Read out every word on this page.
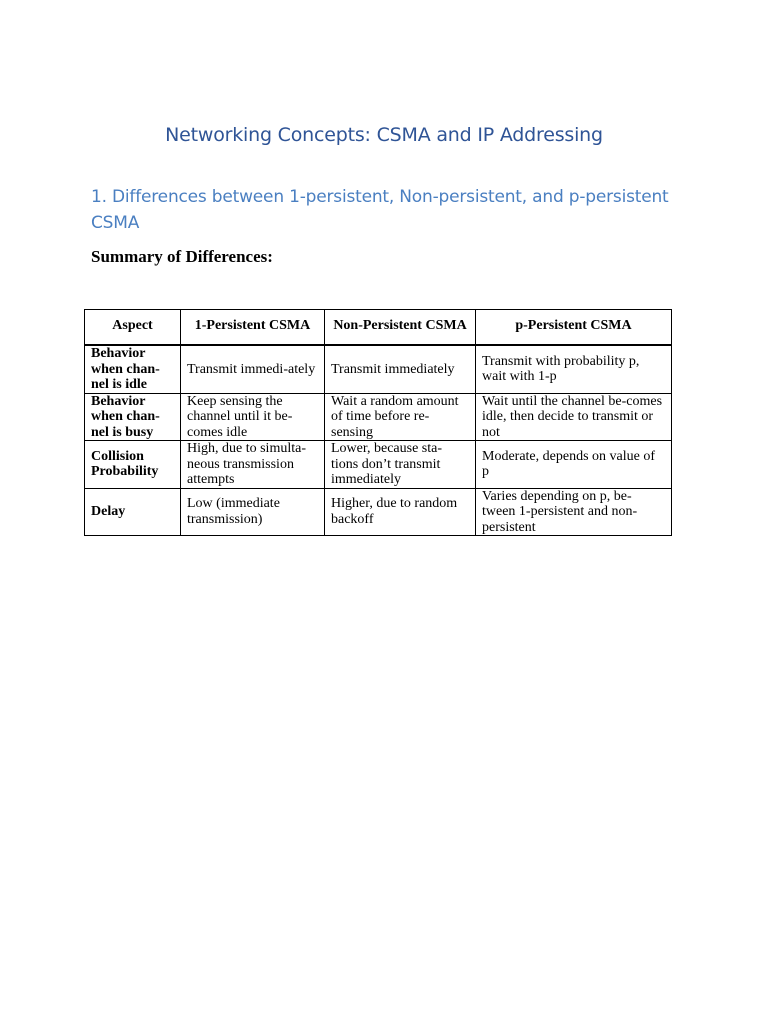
Networking Concepts: CSMA and IP Addressing
1. Differences between 1-persistent, Non-persistent, and p-persistent CSMA
Summary of Differences:
Aspect	1-Persistent CSMA	Non-Persistent CSMA	p-Persistent CSMA
Behavior when chan-nel is idle	Transmit immedi-ately	Transmit immediately	Transmit with probability p, wait with 1-p
Behavior when chan-nel is busy	Keep sensing the channel until it be-comes idle	Wait a random amount of time before re-sensing	Wait until the channel be-comes idle, then decide to transmit or not
Collision Probability	High, due to simulta-neous transmission attempts	Lower, because sta-tions don’t transmit immediately	Moderate, depends on value of p
Delay	Low (immediate transmission)	Higher, due to random backoff	Varies depending on p, be-tween 1-persistent and non-persistent
